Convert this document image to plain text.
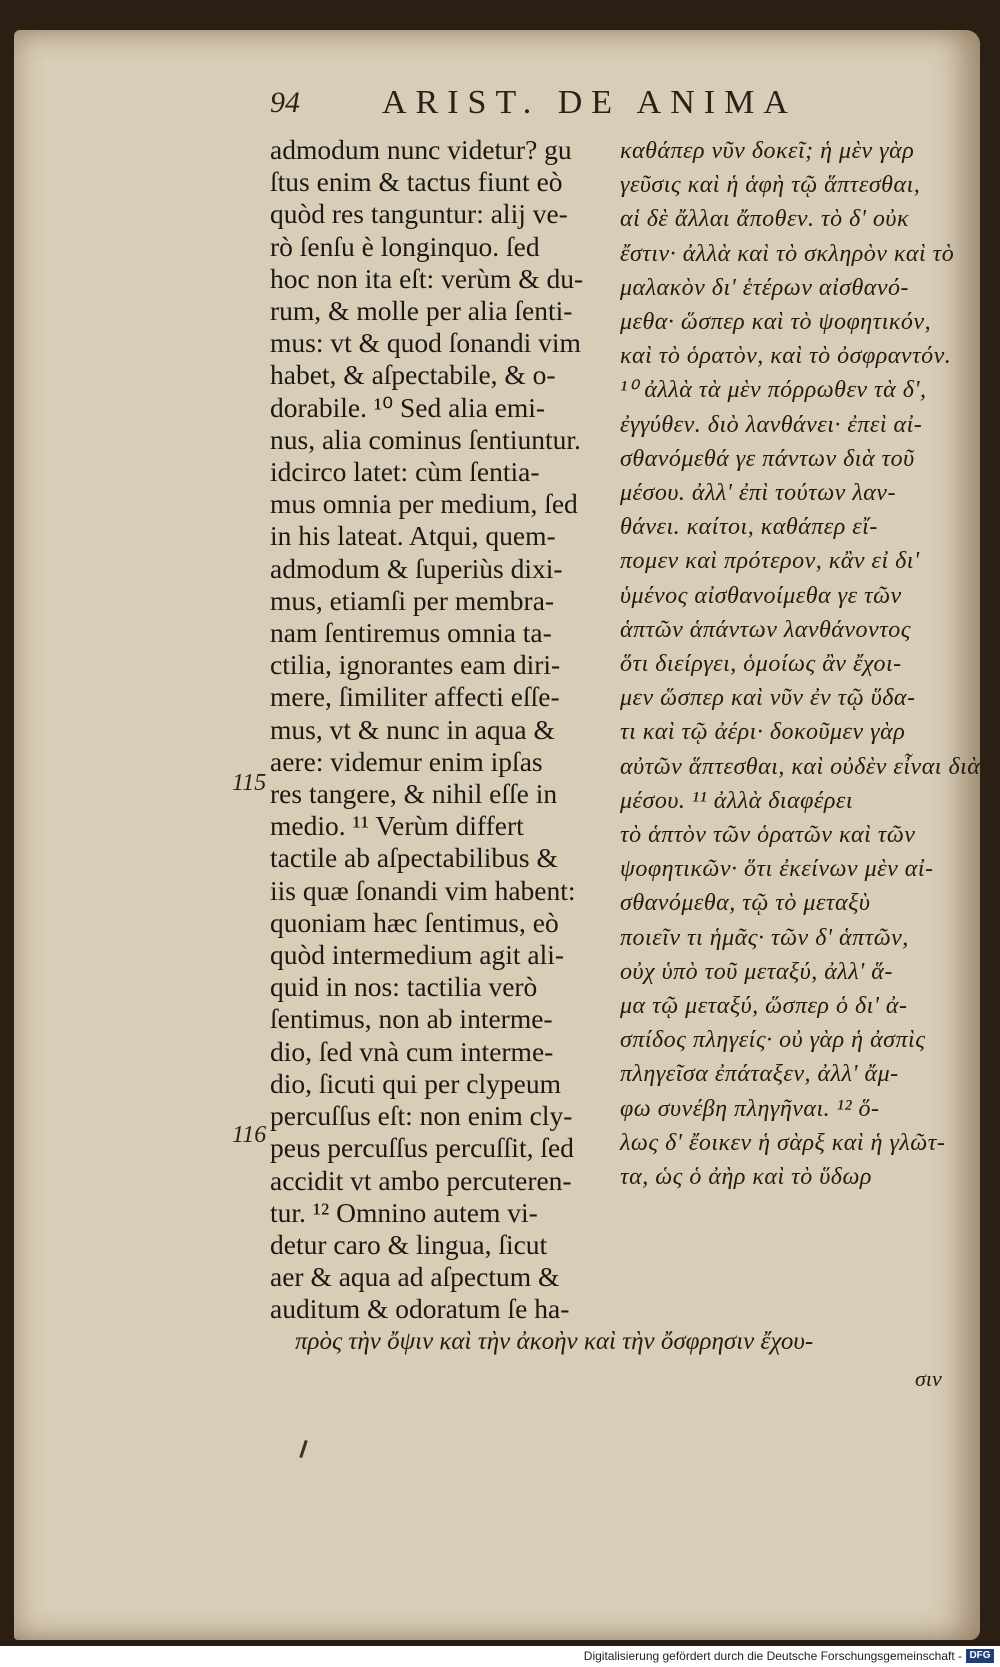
94 ARIST. DE ANIMA
admodum nunc videtur? gu
ſtus enim & tactus fiunt eò
quòd res tanguntur: alij ve-
rò ſenſu è longinquo. ſed
hoc non ita eſt: verùm & du-
rum, & molle per alia ſenti-
mus: vt & quod ſonandi vim
habet, & aſpectabile, & o-
dorabile. ¹⁰ Sed alia emi-
nus, alia cominus ſentiuntur.
idcirco latet: cùm ſentia-
mus omnia per medium, ſed
in his lateat. Atqui, quem-
admodum & ſuperiùs dixi-
mus, etiamſi per membra-
nam ſentiremus omnia ta-
ctilia, ignorantes eam diri-
mere, ſimiliter affecti eſſe-
mus, vt & nunc in aqua &
aere: videmur enim ipſas
res tangere, & nihil eſſe in
medio. ¹¹ Verùm differt
tactile ab aſpectabilibus &
iis quæ ſonandi vim habent:
quoniam hæc ſentimus, eò
quòd intermedium agit ali-
quid in nos: tactilia verò
ſentimus, non ab interme-
dio, ſed vnà cum interme-
dio, ſicuti qui per clypeum
percuſſus eſt: non enim cly-
peus percuſſus percuſſit, ſed
accidit vt ambo percuteren-
tur. ¹² Omnino autem vi-
detur caro & lingua, ſicut
aer & aqua ad aſpectum &
auditum & odoratum ſe ha-
καθάπερ νῦν δοκεῖ; ἡ μὲν γὰρ
γεῦσις καὶ ἡ ἁφὴ τῷ ἅπτεσθαι,
αἱ δὲ ἄλλαι ἄποθεν. τὸ δ' οὐκ
ἔστιν· ἀλλὰ καὶ τὸ σκληρὸν καὶ τὸ
μαλακὸν δι' ἑτέρων αἰσθανό-
μεθα· ὥσπερ καὶ τὸ ψοφητικόν,
καὶ τὸ ὁρατὸν, καὶ τὸ ὀσφραντόν.
¹⁰ ἀλλὰ τὰ μὲν πόρρωθεν τὰ δ',
ἐγγύθεν. διὸ λανθάνει· ἐπεὶ αἰ-
σθανόμεθά γε πάντων διὰ τοῦ
μέσου. ἀλλ' ἐπὶ τούτων λαν-
θάνει. καίτοι, καθάπερ εἴ-
πομεν καὶ πρότερον, κἂν εἰ δι'
ὑμένος αἰσθανοίμεθα γε τῶν
ἁπτῶν ἁπάντων λανθάνοντος
ὅτι διείργει, ὁμοίως ἂν ἔχοι-
μεν ὥσπερ καὶ νῦν ἐν τῷ ὕδα-
τι καὶ τῷ ἀέρι· δοκοῦμεν γὰρ
αὐτῶν ἅπτεσθαι, καὶ οὐδὲν εἶναι διὰ
μέσου. ¹¹ ἀλλὰ διαφέρει
τὸ ἁπτὸν τῶν ὁρατῶν καὶ τῶν
ψοφητικῶν· ὅτι ἐκείνων μὲν αἰ-
σθανόμεθα, τῷ τὸ μεταξὺ
ποιεῖν τι ἡμᾶς· τῶν δ' ἁπτῶν,
οὐχ ὑπὸ τοῦ μεταξύ, ἀλλ' ἅ-
μα τῷ μεταξύ, ὥσπερ ὁ δι' ἀ-
σπίδος πληγείς· οὐ γὰρ ἡ ἀσπὶς
πληγεῖσα ἐπάταξεν, ἀλλ' ἄμ-
φω συνέβη πληγῆναι. ¹² ὅ-
λως δ' ἔοικεν ἡ σὰρξ καὶ ἡ γλῶτ-
τα, ὡς ὁ ἀὴρ καὶ τὸ ὕδωρ
115
116
πρὸς τὴν ὄψιν καὶ τὴν ἀκοὴν καὶ τὴν ὄσφρησιν ἔχου-
σιν
Digitalisierung gefördert durch die Deutsche Forschungsgemeinschaft - DFG
